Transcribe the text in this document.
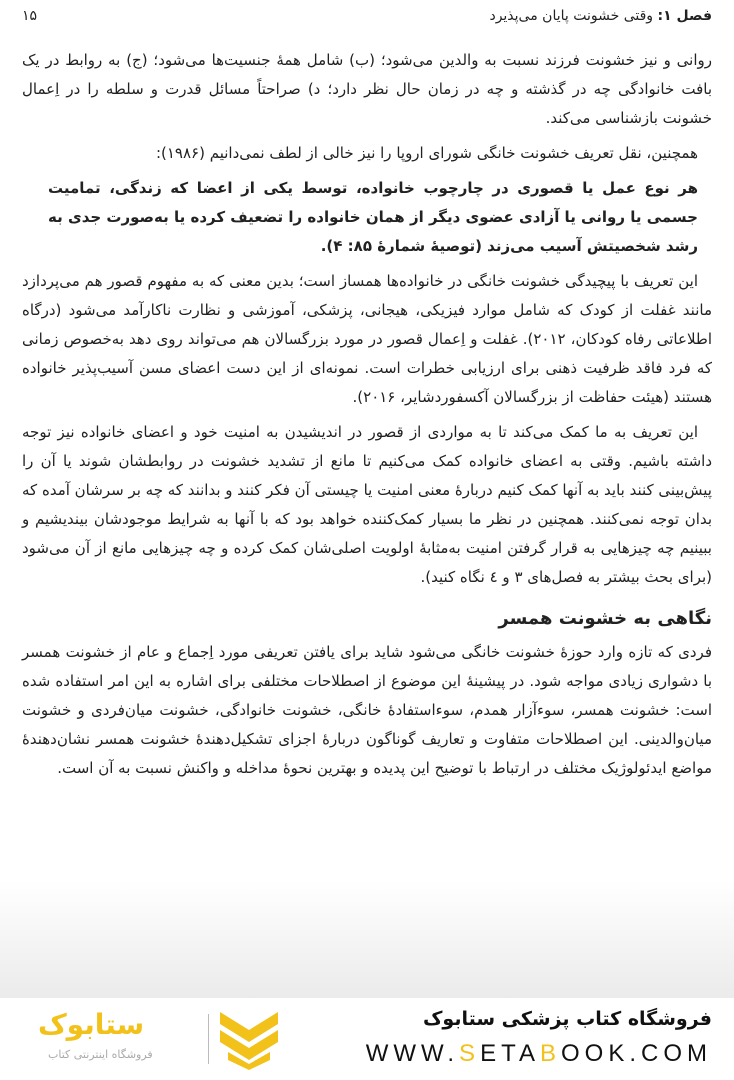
فصل ۱: وقتی خشونت پایان می‌پذیرد
۱۵

روانی و نیز خشونت فرزند نسبت به والدین می‌شود؛ (ب) شامل همهٔ جنسیت‌ها می‌شود؛ (ج) به روابط در یک بافت خانوادگی چه در گذشته و چه در زمان حال نظر دارد؛ د) صراحتاً مسائل قدرت و سلطه را در اِعمال خشونت بازشناسی می‌کند.

همچنین، نقل تعریف خشونت خانگی شورای اروپا را نیز خالی از لطف نمی‌دانیم (۱۹۸۶):

هر نوع عمل یا قصوری در چارچوب خانواده، توسط یکی از اعضا که زندگی، تمامیت جسمی یا روانی یا آزادی عضوی دیگر از همان خانواده را تضعیف کرده یا به‌صورت جدی به رشد شخصیتش آسیب می‌زند (توصیهٔ شمارهٔ ۸۵: ۴).

این تعریف با پیچیدگی خشونت خانگی در خانواده‌ها همساز است؛ بدین معنی که به مفهوم قصور هم می‌پردازد مانند غفلت از کودک که شامل موارد فیزیکی، هیجانی، پزشکی، آموزشی و نظارت ناکارآمد می‌شود (درگاه اطلاعاتی رفاه کودکان، ۲۰۱۲). غفلت و اِعمال قصور در مورد بزرگسالان هم می‌تواند روی دهد به‌خصوص زمانی که فرد فاقد ظرفیت ذهنی برای ارزیابی خطرات است. نمونه‌ای از این دست اعضای مسن آسیب‌پذیر خانواده هستند (هیئت حفاظت از بزرگسالان آکسفوردشایر، ۲۰۱۶).

این تعریف به ما کمک می‌کند تا به مواردی از قصور در اندیشیدن به امنیت خود و اعضای خانواده نیز توجه داشته باشیم. وقتی به اعضای خانواده کمک می‌کنیم تا مانع از تشدید خشونت در روابطشان شوند یا آن را پیش‌بینی کنند باید به آنها کمک کنیم دربارهٔ معنی امنیت یا چیستی آن فکر کنند و بدانند که چه بر سرشان آمده که بدان توجه نمی‌کنند. همچنین در نظر ما بسیار کمک‌کننده خواهد بود که با آنها به شرایط موجودشان بیندیشیم و ببینیم چه چیزهایی به قرار گرفتن امنیت به‌مثابهٔ اولویت اصلی‌شان کمک کرده و چه چیزهایی مانع از آن می‌شود (برای بحث بیشتر به فصل‌های ۳ و ٤ نگاه کنید).

نگاهی به خشونت همسر

فردی که تازه وارد حوزهٔ خشونت خانگی می‌شود شاید برای یافتن تعریفی مورد اِجماع و عام از خشونت همسر با دشواری زیادی مواجه شود. در پیشینهٔ این موضوع از اصطلاحات مختلفی برای اشاره به این امر استفاده شده است: خشونت همسر، سوءآزار همدم، سوءاستفادهٔ خانگی، خشونت خانوادگی، خشونت میان‌فردی و خشونت میان‌والدینی. این اصطلاحات متفاوت و تعاریف گوناگون دربارهٔ اجزای تشکیل‌دهندهٔ خشونت همسر نشان‌دهندهٔ مواضع ایدئولوژیک مختلف در ارتباط با توضیح این پدیده و بهترین نحوهٔ مداخله و واکنش نسبت به آن است.

فروشگاه کتاب پزشکی ستابوک
WWW.SETABOOK.COM
ستابوک
فروشگاه اینترنتی کتاب
